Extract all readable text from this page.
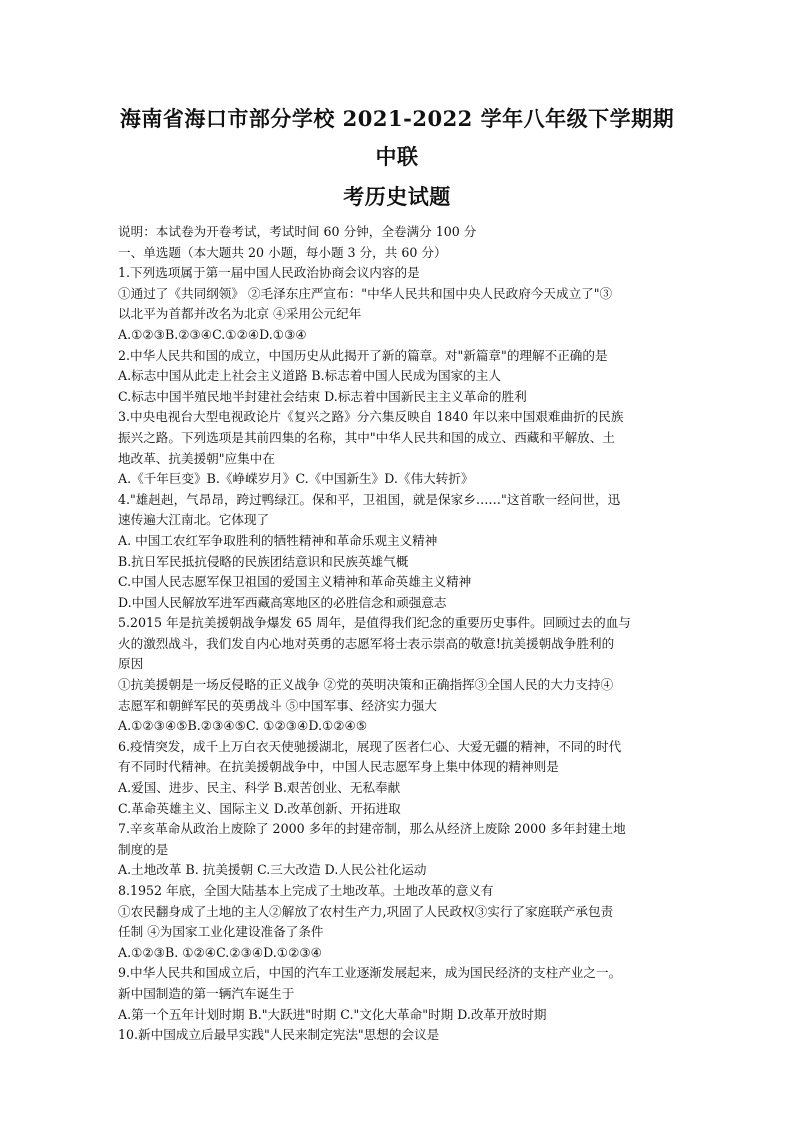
海南省海口市部分学校 2021-2022 学年八年级下学期期中联
考历史试题
说明：本试卷为开卷考试，考试时间 60 分钟，全卷满分 100 分
一、单选题（本大题共 20 小题，每小题 3 分，共 60 分）
1.下列选项属于第一届中国人民政治协商会议内容的是
①通过了《共同纲领》 ②毛泽东庄严宣布："中华人民共和国中央人民政府今天成立了"③
以北平为首都并改名为北京 ④采用公元纪年
A.①②③B.②③④C.①②④D.①③④
2.中华人民共和国的成立，中国历史从此揭开了新的篇章。对"新篇章"的理解不正确的是
A.标志中国从此走上社会主义道路 B.标志着中国人民成为国家的主人
C.标志中国半殖民地半封建社会结束 D.标志着中国新民主主义革命的胜利
3.中央电视台大型电视政论片《复兴之路》分六集反映自 1840 年以来中国艰难曲折的民族
振兴之路。下列选项是其前四集的名称，其中"中华人民共和国的成立、西藏和平解放、土
地改革、抗美援朝"应集中在
A.《千年巨变》B.《峥嵘岁月》C.《中国新生》D.《伟大转折》
4."雄赳赳，气昂昂，跨过鸭绿江。保和平，卫祖国，就是保家乡……"这首歌一经问世，迅
速传遍大江南北。它体现了
A. 中国工农红军争取胜利的牺牲精神和革命乐观主义精神
B.抗日军民抵抗侵略的民族团结意识和民族英雄气概
C.中国人民志愿军保卫祖国的爱国主义精神和革命英雄主义精神
D.中国人民解放军进军西藏高寒地区的必胜信念和顽强意志
5.2015 年是抗美援朝战争爆发 65 周年，是值得我们纪念的重要历史事件。回顾过去的血与
火的激烈战斗，我们发自内心地对英勇的志愿军将士表示崇高的敬意!抗美援朝战争胜利的
原因
①抗美援朝是一场反侵略的正义战争 ②党的英明决策和正确指挥③全国人民的大力支持④
志愿军和朝鲜军民的英勇战斗 ⑤中国军事、经济实力强大
A.①②③④⑤B.②③④⑤C. ①②③④D.①②④⑤
6.疫情突发，成千上万白衣天使驰援湖北，展现了医者仁心、大爱无疆的精神，不同的时代
有不同时代精神。在抗美援朝战争中，中国人民志愿军身上集中体现的精神则是
A.爱国、进步、民主、科学 B.艰苦创业、无私奉献
C.革命英雄主义、国际主义 D.改革创新、开拓进取
7.辛亥革命从政治上废除了 2000 多年的封建帝制，那么从经济上废除 2000 多年封建土地
制度的是
A.土地改革 B. 抗美援朝 C.三大改造 D.人民公社化运动
8.1952 年底，全国大陆基本上完成了土地改革。土地改革的意义有
①农民翻身成了土地的主人②解放了农村生产力,巩固了人民政权③实行了家庭联产承包责
任制 ④为国家工业化建设准备了条件
A.①②③B. ①②④C.②③④D.①②③④
9.中华人民共和国成立后，中国的汽车工业逐渐发展起来，成为国民经济的支柱产业之一。
新中国制造的第一辆汽车诞生于
A.第一个五年计划时期 B."大跃进"时期 C."文化大革命"时期 D.改革开放时期
10.新中国成立后最早实践"人民来制定宪法"思想的会议是
